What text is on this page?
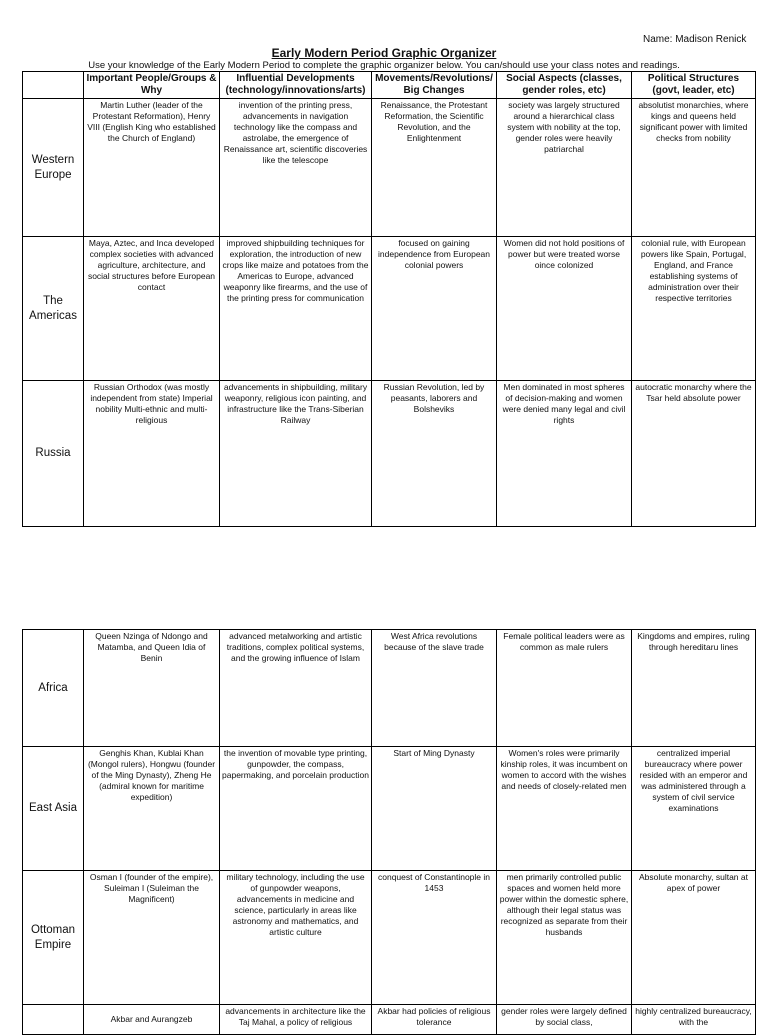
Name: Madison Renick
Early Modern Period Graphic Organizer
Use your knowledge of the Early Modern Period to complete the graphic organizer below. You can/should use your class notes and readings.
	Important People/Groups & Why	Influential Developments (technology/innovations/arts)	Movements/Revolutions/ Big Changes	Social Aspects (classes, gender roles, etc)	Political Structures (govt, leader, etc)
Western Europe	Martin Luther (leader of the Protestant Reformation), Henry VIII (English King who established the Church of England)	invention of the printing press, advancements in navigation technology like the compass and astrolabe, the emergence of Renaissance art, scientific discoveries like the telescope	Renaissance, the Protestant Reformation, the Scientific Revolution, and the Enlightenment	society was largely structured around a hierarchical class system with nobility at the top, gender roles were heavily patriarchal	absolutist monarchies, where kings and queens held significant power with limited checks from nobility
The Americas	Maya, Aztec, and Inca developed complex societies with advanced agriculture, architecture, and social structures before European contact	improved shipbuilding techniques for exploration, the introduction of new crops like maize and potatoes from the Americas to Europe, advanced weaponry like firearms, and the use of the printing press for communication	focused on gaining independence from European colonial powers	Women did not hold positions of power but were treated worse oince colonized	colonial rule, with European powers like Spain, Portugal, England, and France establishing systems of administration over their respective territories
Russia	Russian Orthodox (was mostly independent from state) Imperial nobility Multi-ethnic and multi-religious	advancements in shipbuilding, military weaponry, religious icon painting, and infrastructure like the Trans-Siberian Railway	Russian Revolution, led by peasants, laborers and Bolsheviks	Men dominated in most spheres of decision-making and women were denied many legal and civil rights	autocratic monarchy where the Tsar held absolute power
Africa	Queen Nzinga of Ndongo and Matamba, and Queen Idia of Benin	advanced metalworking and artistic traditions, complex political systems, and the growing influence of Islam	West Africa revolutions because of the slave trade	Female political leaders were as common as male rulers	Kingdoms and empires, ruling through hereditaru lines
East Asia	Genghis Khan, Kublai Khan (Mongol rulers), Hongwu (founder of the Ming Dynasty), Zheng He (admiral known for maritime expedition)	the invention of movable type printing, gunpowder, the compass, papermaking, and porcelain production	Start of Ming Dynasty	Women's roles were primarily kinship roles, it was incumbent on women to accord with the wishes and needs of closely-related men	centralized imperial bureaucracy where power resided with an emperor and was administered through a system of civil service examinations
Ottoman Empire	Osman I (founder of the empire), Suleiman I (Suleiman the Magnificent)	military technology, including the use of gunpowder weapons, advancements in medicine and science, particularly in areas like astronomy and mathematics, and artistic culture	conquest of Constantinople in 1453	men primarily controlled public spaces and women held more power within the domestic sphere, although their legal status was recognized as separate from their husbands	Absolute monarchy, sultan at apex of power
	Akbar and Aurangzeb	advancements in architecture like the Taj Mahal, a policy of religious	Akbar had policies of religious tolerance	gender roles were largely defined by social class,	highly centralized bureaucracy, with the
